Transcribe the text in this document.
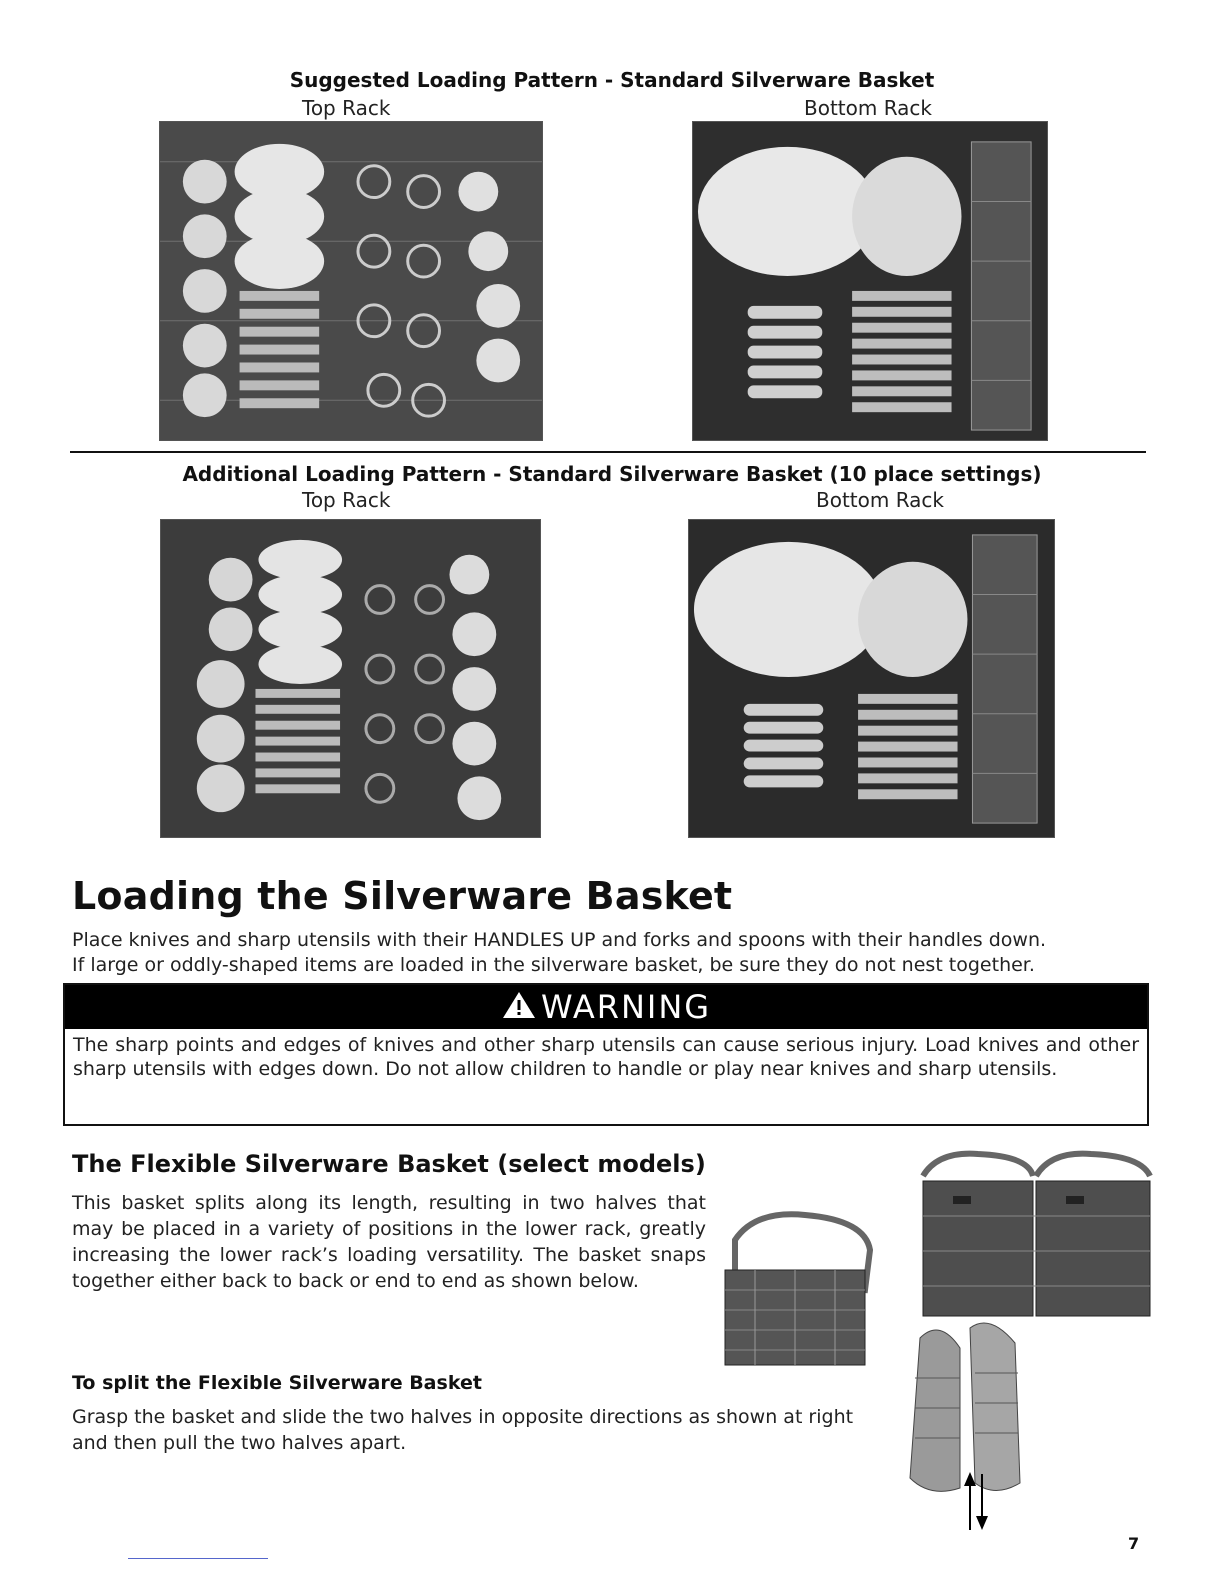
Suggested Loading Pattern - Standard Silverware Basket
Top Rack	Bottom Rack
Additional Loading Pattern - Standard Silverware Basket (10 place settings)
Top Rack	Bottom Rack
Loading the Silverware Basket
Place knives and sharp utensils with their HANDLES UP and forks and spoons with their handles down.
If large or oddly-shaped items are loaded in the silverware basket, be sure they do not nest together.
WARNING
The sharp points and edges of knives and other sharp utensils can cause serious injury. Load knives and other sharp utensils with edges down. Do not allow children to handle or play near knives and sharp utensils.
The Flexible Silverware Basket (select models)
This basket splits along its length, resulting in two halves that may be placed in a variety of positions in the lower rack, greatly increasing the lower rack’s loading versatility. The basket snaps together either back to back or end to end as shown below.
To split the Flexible Silverware Basket
Grasp the basket and slide the two halves in opposite directions as shown at right and then pull the two halves apart.
7
